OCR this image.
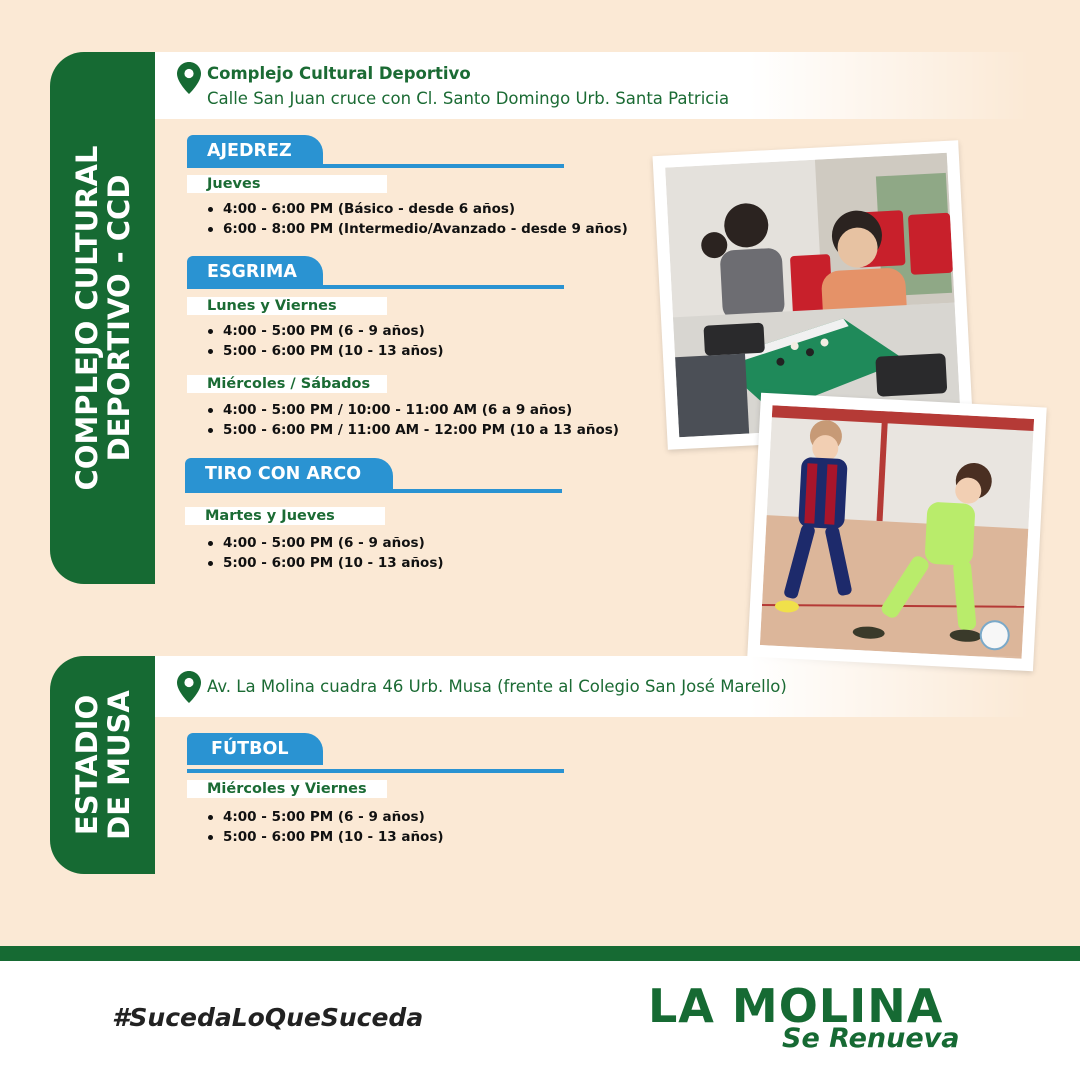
COMPLEJO CULTURAL
DEPORTIVO - CCD
Complejo Cultural Deportivo
Calle San Juan cruce con Cl. Santo Domingo Urb. Santa Patricia
AJEDREZ
Jueves
4:00 - 6:00 PM (Básico - desde 6 años)
6:00 - 8:00 PM (Intermedio/Avanzado - desde 9 años)
ESGRIMA
Lunes y Viernes
4:00 - 5:00 PM (6 - 9 años)
5:00 - 6:00 PM (10 - 13 años)
Miércoles / Sábados
4:00 - 5:00 PM / 10:00 - 11:00 AM (6 a 9 años)
5:00 - 6:00 PM / 11:00 AM - 12:00 PM (10 a 13 años)
TIRO CON ARCO
Martes y Jueves
4:00 - 5:00 PM (6 - 9 años)
5:00 - 6:00 PM (10 - 13 años)
ESTADIO
DE MUSA
Av. La Molina cuadra 46 Urb. Musa (frente al Colegio San José Marello)
FÚTBOL
Miércoles y Viernes
4:00 - 5:00 PM (6 - 9 años)
5:00 - 6:00 PM (10 - 13 años)
#SucedaLoQueSuceda	LA MOLINA
Se Renueva
